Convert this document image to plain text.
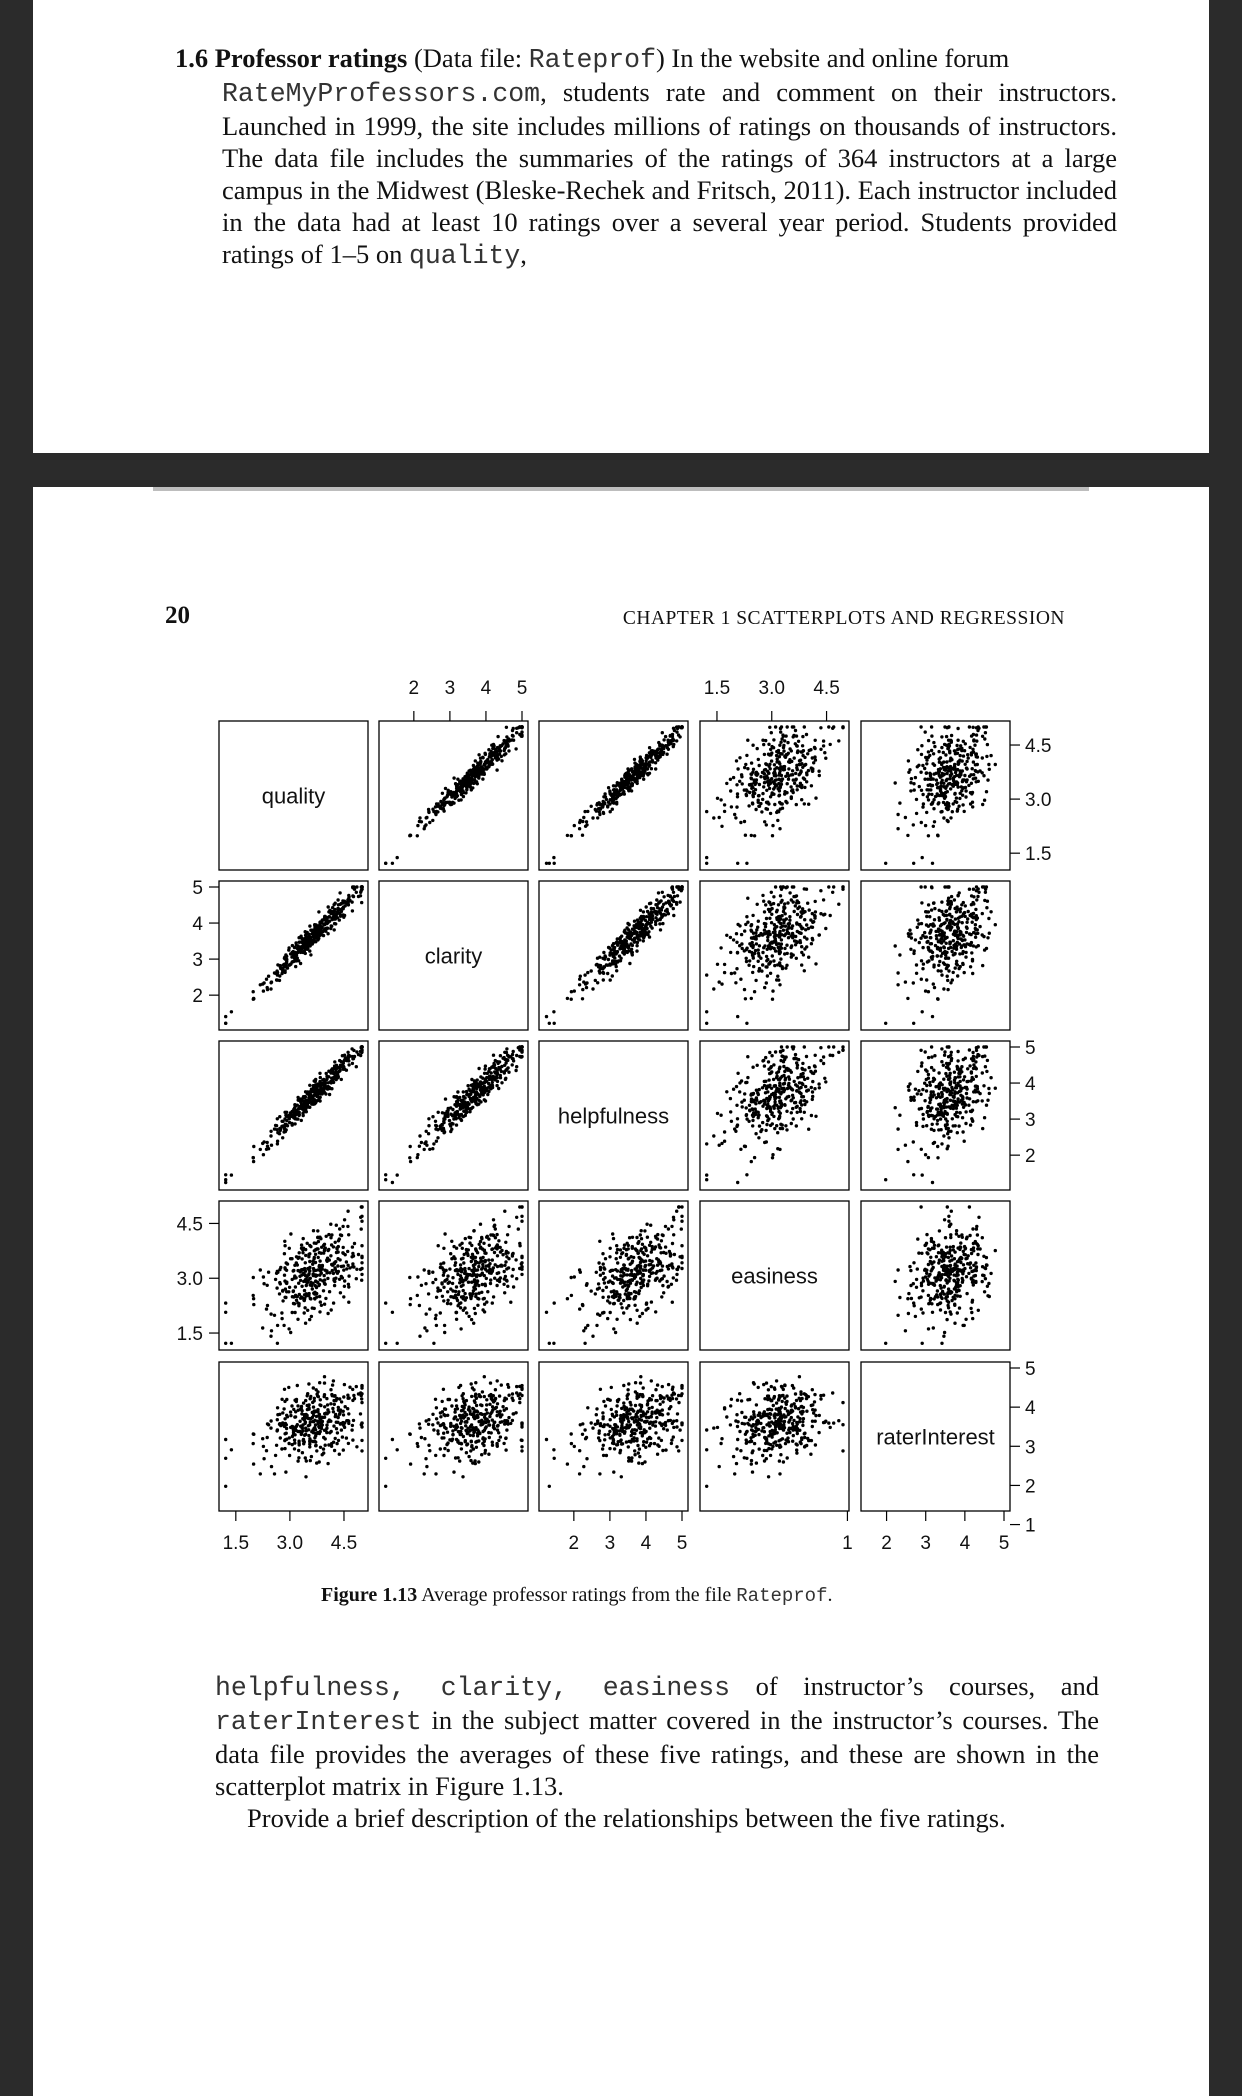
1.6 Professor ratings (Data file: Rateprof) In the website and online forum

RateMyProfessors.com, students rate and comment on their instructors. Launched in 1999, the site includes millions of ratings on thousands of instructors. The data file includes the summaries of the ratings of 364 instructors at a large campus in the Midwest (Bleske-Rechek and Fritsch, 2011). Each instructor included in the data had at least 10 ratings over a several year period. Students provided ratings of 1–5 on quality,

20	CHAPTER 1 SCATTERPLOTS AND REGRESSION
quality
clarity
helpfulness
easiness
raterInterest
2 3 4 5	1.5 3.0 4.5
1.5 3.0 4.5	2 3 4 5	1 2 3 4 5
2
3
4
5
1.5
3.0
4.5
1.5
3.0
4.5
2
3
4
5
1
2
3
4
5
Figure 1.13 Average professor ratings from the file Rateprof.

helpfulness, clarity, easiness of instructor’s courses, and raterInterest in the subject matter covered in the instructor’s courses. The data file provides the averages of these five ratings, and these are shown in the scatterplot matrix in Figure 1.13.

Provide a brief description of the relationships between the five ratings.
